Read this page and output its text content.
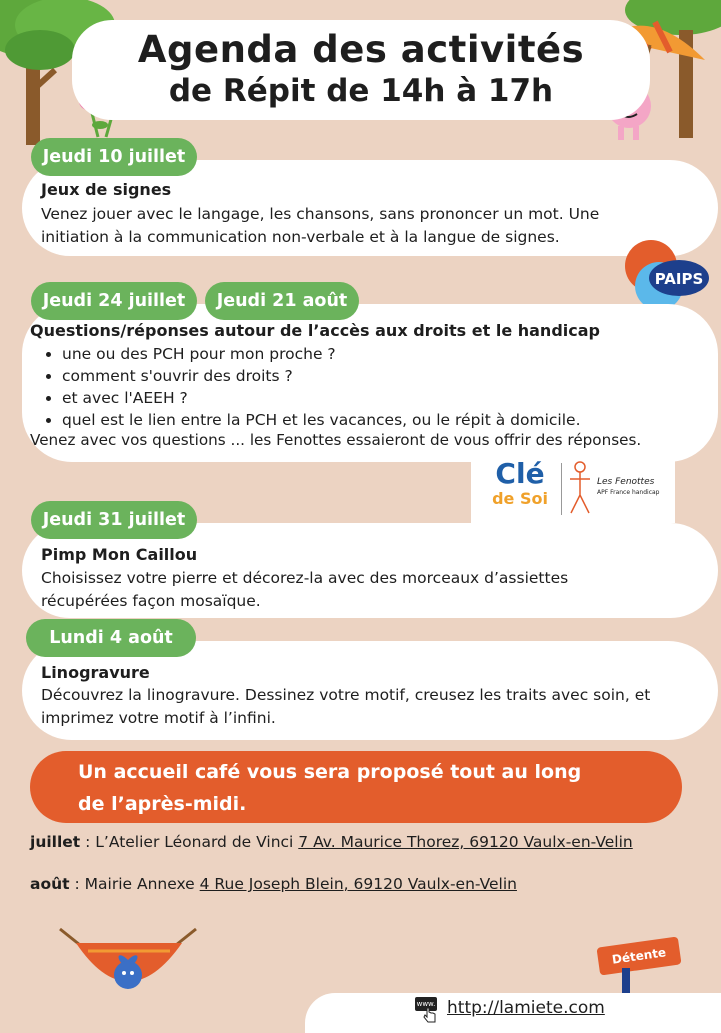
Agenda des activités
de Répit de 14h à 17h
Jeudi 10 juillet
Jeux de signes
Venez jouer avec le langage, les chansons, sans prononcer un mot. Une
initiation à la communication non-verbale et à la langue de signes.
PAIPS
Jeudi 24 juillet	Jeudi 21 août
Questions/réponses autour de l’accès aux droits et le handicap
• une ou des PCH pour mon proche ?
• comment s'ouvrir des droits ?
• et avec l'AEEH ?
• quel est le lien entre la PCH et les vacances, ou le répit à domicile.
Venez avec vos questions ... les Fenottes essaieront de vous offrir des réponses.
Clé
de Soi
Les Fenottes
APF France handicap
Jeudi 31 juillet
Pimp Mon Caillou
Choisissez votre pierre et décorez-la avec des morceaux d’assiettes
récupérées façon mosaïque.
Lundi 4 août
Linogravure
Découvrez la linogravure. Dessinez votre motif, creusez les traits avec soin, et
imprimez votre motif à l’infini.
Un accueil café vous sera proposé tout au long
de l’après-midi.
juillet : L’Atelier Léonard de Vinci 7 Av. Maurice Thorez, 69120 Vaulx-en-Velin
août : Mairie Annexe 4 Rue Joseph Blein, 69120 Vaulx-en-Velin
Détente
www. http://lamiete.com
